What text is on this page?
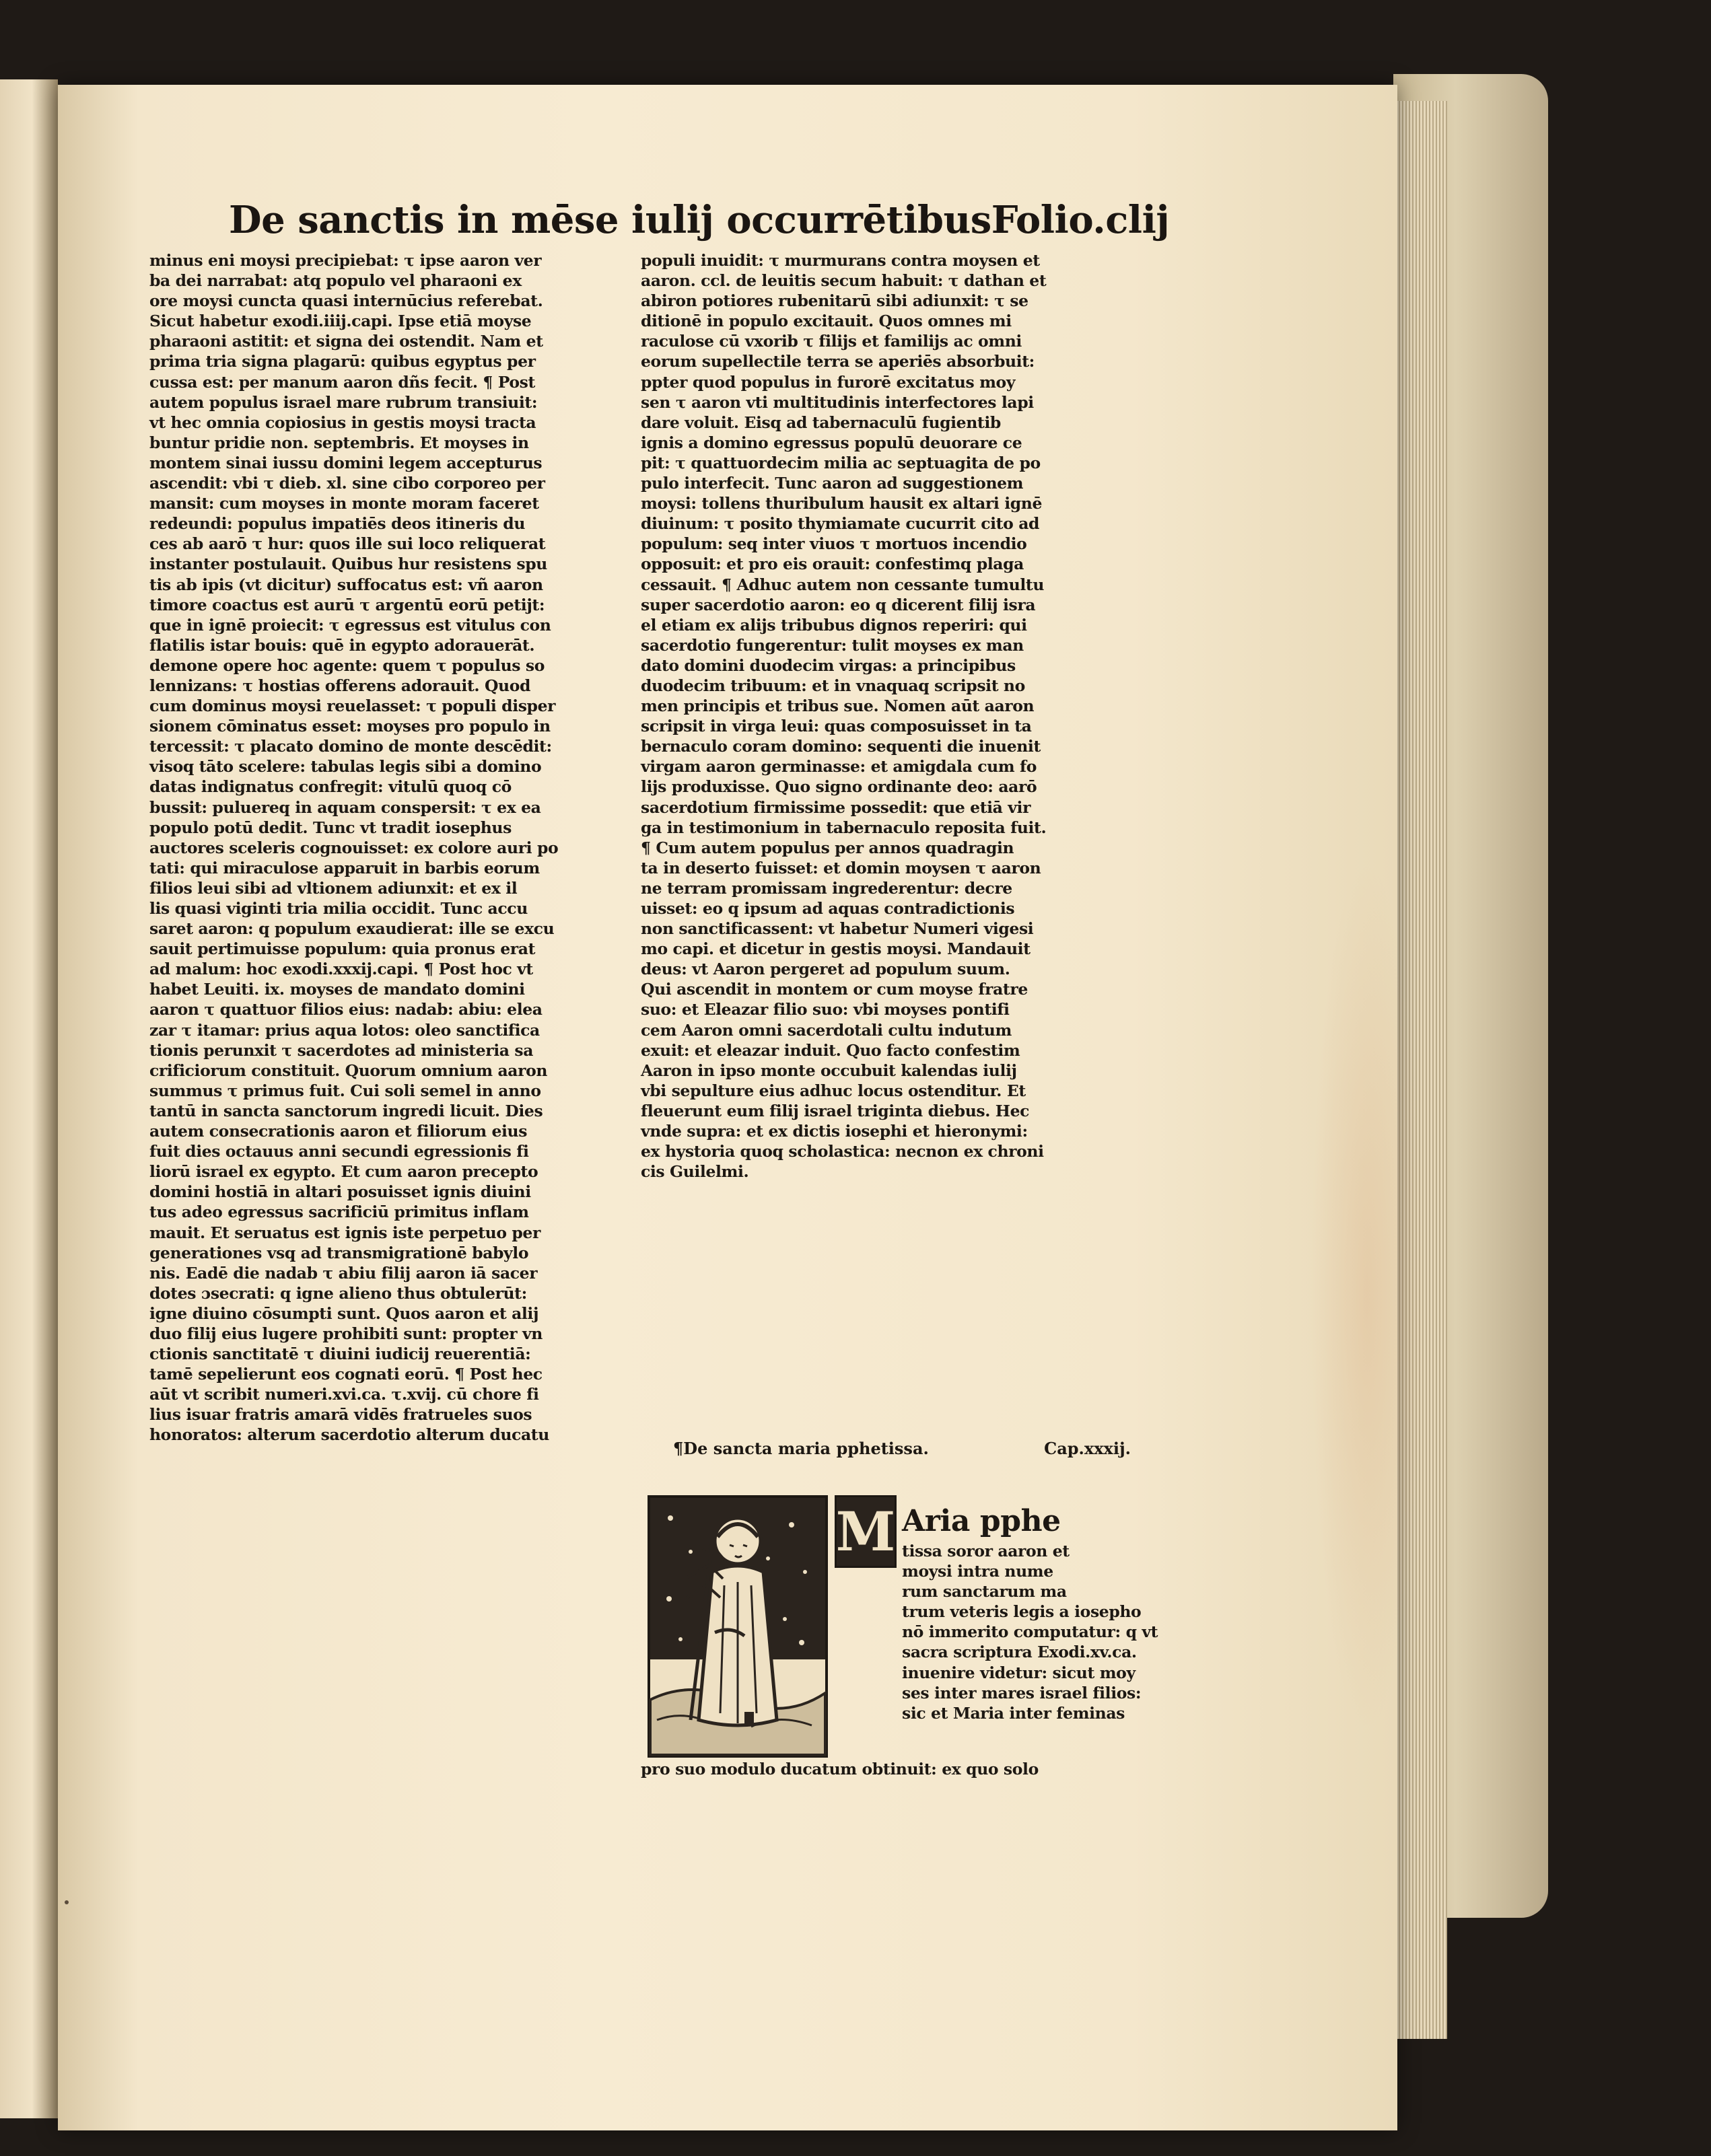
De sanctis in mēse iulij occurrētibus Folio.clij
minus eni moysi precipiebat: τ ipse aaron ver
ba dei narrabat: atq populo vel pharaoni ex
ore moysi cuncta quasi internūcius referebat.
Sicut habetur exodi.iiij.capi. Ipse etiā moyse
pharaoni astitit: et signa dei ostendit. Nam et
prima tria signa plagarū: quibus egyptus per
cussa est: per manum aaron dñs fecit. ¶ Post
autem populus israel mare rubrum transiuit:
vt hec omnia copiosius in gestis moysi tracta
buntur pridie non. septembris. Et moyses in
montem sinai iussu domini legem accepturus
ascendit: vbi τ dieb. xl. sine cibo corporeo per
mansit: cum moyses in monte moram faceret
redeundi: populus impatiēs deos itineris du
ces ab aarō τ hur: quos ille sui loco reliquerat
instanter postulauit. Quibus hur resistens spu
tis ab ipis (vt dicitur) suffocatus est: vñ aaron
timore coactus est aurū τ argentū eorū petijt:
que in ignē proiecit: τ egressus est vitulus con
flatilis istar bouis: quē in egypto adorauerāt.
demone opere hoc agente: quem τ populus so
lennizans: τ hostias offerens adorauit. Quod
cum dominus moysi reuelasset: τ populi disper
sionem cōminatus esset: moyses pro populo in
tercessit: τ placato domino de monte descēdit:
visoq tāto scelere: tabulas legis sibi a domino
datas indignatus confregit: vitulū quoq cō
bussit: puluereq in aquam conspersit: τ ex ea
populo potū dedit. Tunc vt tradit iosephus
auctores sceleris cognouisset: ex colore auri po
tati: qui miraculose apparuit in barbis eorum
filios leui sibi ad vltionem adiunxit: et ex il
lis quasi viginti tria milia occidit. Tunc accu
saret aaron: q populum exaudierat: ille se excu
sauit pertimuisse populum: quia pronus erat
ad malum: hoc exodi.xxxij.capi. ¶ Post hoc vt
habet Leuiti. ix. moyses de mandato domini
aaron τ quattuor filios eius: nadab: abiu: elea
zar τ itamar: prius aqua lotos: oleo sanctifica
tionis perunxit τ sacerdotes ad ministeria sa
crificiorum constituit. Quorum omnium aaron
summus τ primus fuit. Cui soli semel in anno
tantū in sancta sanctorum ingredi licuit. Dies
autem consecrationis aaron et filiorum eius
fuit dies octauus anni secundi egressionis fi
liorū israel ex egypto. Et cum aaron precepto
domini hostiā in altari posuisset ignis diuini
tus adeo egressus sacrificiū primitus inflam
mauit. Et seruatus est ignis iste perpetuo per
generationes vsq ad transmigrationē babylo
nis. Eadē die nadab τ abiu filij aaron iā sacer
dotes ɔsecrati: q igne alieno thus obtulerūt:
igne diuino cōsumpti sunt. Quos aaron et alij
duo filij eius lugere prohibiti sunt: propter vn
ctionis sanctitatē τ diuini iudicij reuerentiā:
tamē sepelierunt eos cognati eorū. ¶ Post hec
aūt vt scribit numeri.xvi.ca. τ.xvij. cū chore fi
lius isuar fratris amarā vidēs fratrueles suos
honoratos: alterum sacerdotio alterum ducatu
populi inuidit: τ murmurans contra moysen et
aaron. ccl. de leuitis secum habuit: τ dathan et
abiron potiores rubenitarū sibi adiunxit: τ se
ditionē in populo excitauit. Quos omnes mi
raculose cū vxorib τ filijs et familijs ac omni
eorum supellectile terra se aperiēs absorbuit:
ppter quod populus in furorē excitatus moy
sen τ aaron vti multitudinis interfectores lapi
dare voluit. Eisq ad tabernaculū fugientib
ignis a domino egressus populū deuorare ce
pit: τ quattuordecim milia ac septuagita de po
pulo interfecit. Tunc aaron ad suggestionem
moysi: tollens thuribulum hausit ex altari ignē
diuinum: τ posito thymiamate cucurrit cito ad
populum: seq inter viuos τ mortuos incendio
opposuit: et pro eis orauit: confestimq plaga
cessauit. ¶ Adhuc autem non cessante tumultu
super sacerdotio aaron: eo q dicerent filij isra
el etiam ex alijs tribubus dignos reperiri: qui
sacerdotio fungerentur: tulit moyses ex man
dato domini duodecim virgas: a principibus
duodecim tribuum: et in vnaquaq scripsit no
men principis et tribus sue. Nomen aūt aaron
scripsit in virga leui: quas composuisset in ta
bernaculo coram domino: sequenti die inuenit
virgam aaron germinasse: et amigdala cum fo
lijs produxisse. Quo signo ordinante deo: aarō
sacerdotium firmissime possedit: que etiā vir
ga in testimonium in tabernaculo reposita fuit.
¶ Cum autem populus per annos quadragin
ta in deserto fuisset: et domin moysen τ aaron
ne terram promissam ingrederentur: decre
uisset: eo q ipsum ad aquas contradictionis
non sanctificassent: vt habetur Numeri vigesi
mo capi. et dicetur in gestis moysi. Mandauit
deus: vt Aaron pergeret ad populum suum.
Qui ascendit in montem or cum moyse fratre
suo: et Eleazar filio suo: vbi moyses pontifi
cem Aaron omni sacerdotali cultu indutum
exuit: et eleazar induit. Quo facto confestim
Aaron in ipso monte occubuit kalendas iulij
vbi sepulture eius adhuc locus ostenditur. Et
fleuerunt eum filij israel triginta diebus. Hec
vnde supra: et ex dictis iosephi et hieronymi:
ex hystoria quoq scholastica: necnon ex chroni
cis Guilelmi.
¶De sancta maria pphetissa.	Cap.xxxij.
M Aria pphe
tissa soror aaron et
moysi intra nume
rum sanctarum ma
trum veteris legis a iosepho
nō immerito computatur: q vt
sacra scriptura Exodi.xv.ca.
inuenire videtur: sicut moy
ses inter mares israel filios:
sic et Maria inter feminas
pro suo modulo ducatum obtinuit: ex quo solo
